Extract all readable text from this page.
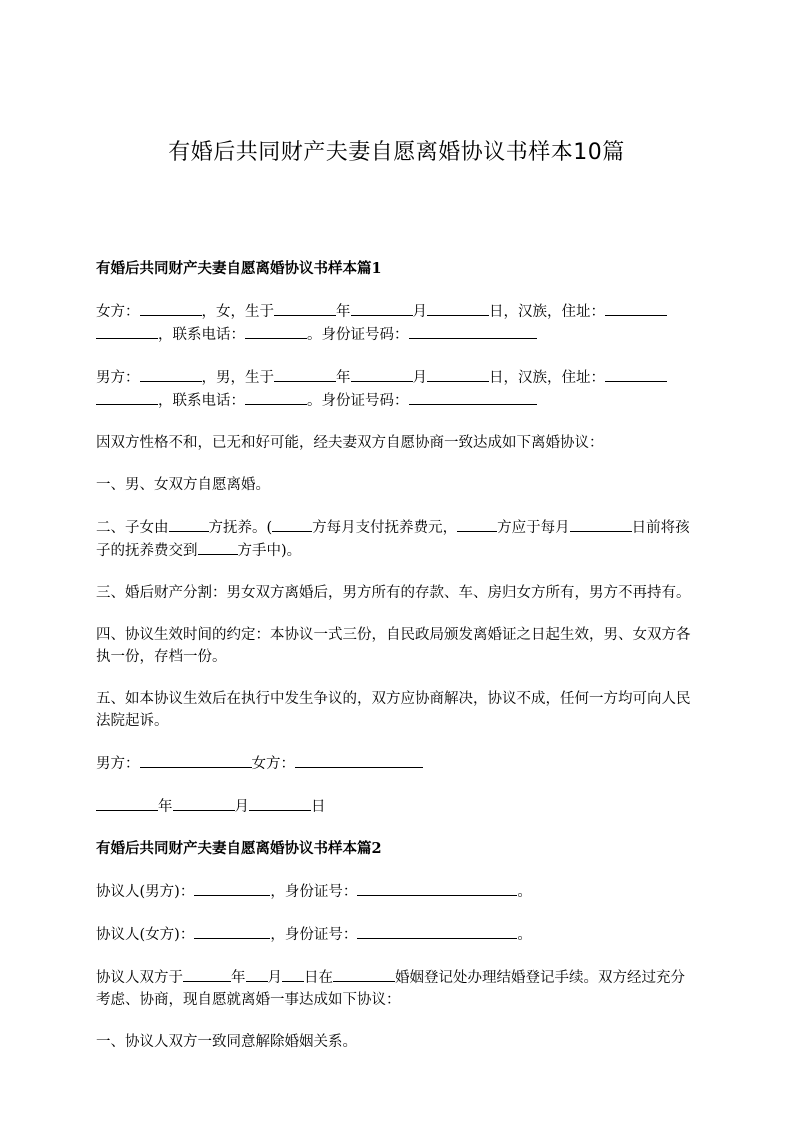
有婚后共同财产夫妻自愿离婚协议书样本10篇

有婚后共同财产夫妻自愿离婚协议书样本篇1

女方：	，女，生于	年	月	日，汉族，住址：，联系电话：	。身份证号码：

男方：	，男，生于	年	月	日，汉族，住址：，联系电话：	。身份证号码：

因双方性格不和，已无和好可能，经夫妻双方自愿协商一致达成如下离婚协议：

一、男、女双方自愿离婚。

二、子女由	方抚养。(	方每月支付抚养费元，	方应于每月	日前将孩子的抚养费交到	方手中)。

三、婚后财产分割：男女双方离婚后，男方所有的存款、车、房归女方所有，男方不再持有。

四、协议生效时间的约定：本协议一式三份，自民政局颁发离婚证之日起生效，男、女双方各执一份，存档一份。

五、如本协议生效后在执行中发生争议的，双方应协商解决，协议不成，任何一方均可向人民法院起诉。

男方：	女方：

年	月	日

有婚后共同财产夫妻自愿离婚协议书样本篇2

协议人(男方)：	，身份证号：	。

协议人(女方)：	，身份证号：	。

协议人双方于	年 月 日在	婚姻登记处办理结婚登记手续。双方经过充分考虑、协商，现自愿就离婚一事达成如下协议：

一、协议人双方一致同意解除婚姻关系。
